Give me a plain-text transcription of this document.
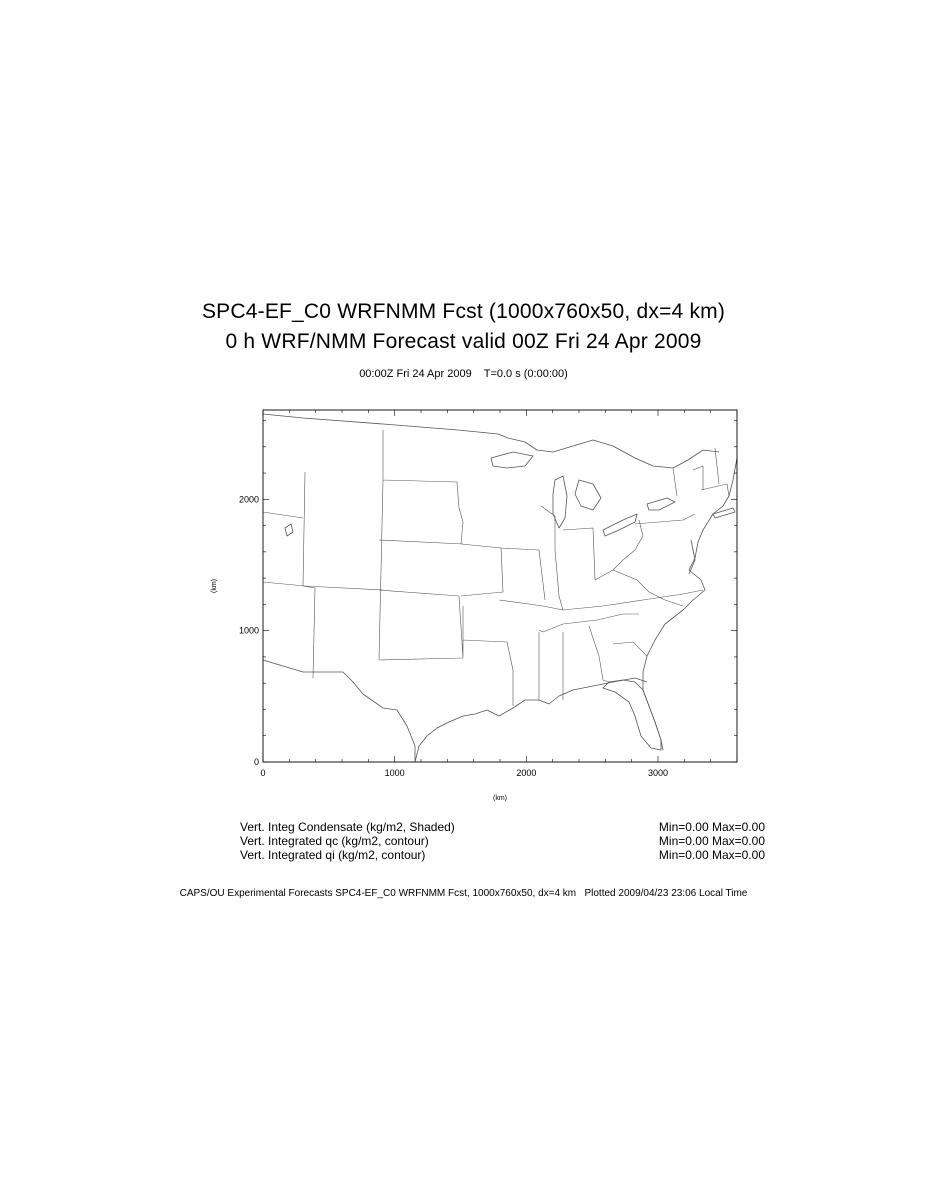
SPC4-EF_C0 WRFNMM Fcst (1000x760x50, dx=4 km)
0 h WRF/NMM Forecast valid 00Z Fri 24 Apr 2009
00:00Z Fri 24 Apr 2009    T=0.0 s (0:00:00)
0
1000
2000
0	1000	2000	3000
(km)
(km)
Vert. Integ Condensate (kg/m2, Shaded)	Min=0.00 Max=0.00
Vert. Integrated qc (kg/m2, contour)	Min=0.00 Max=0.00
Vert. Integrated qi (kg/m2, contour)	Min=0.00 Max=0.00
CAPS/OU Experimental Forecasts SPC4-EF_C0 WRFNMM Fcst, 1000x760x50, dx=4 km   Plotted 2009/04/23 23:06 Local Time
